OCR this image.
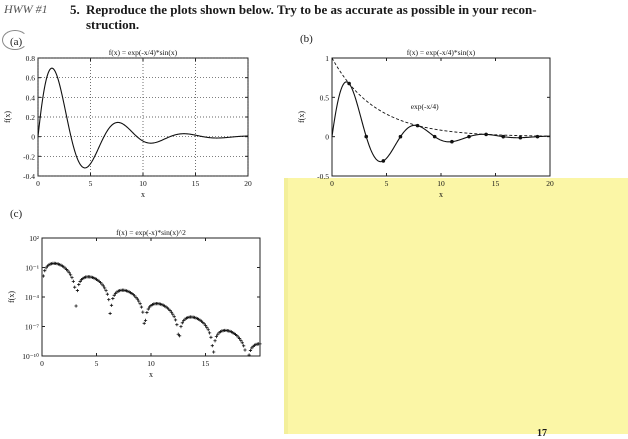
HWW #1 5. Reproduce the plots shown below. Try to be as accurate as possible in your recon-
struction.
(a)	(b)
(c)
0	5	10	15	20
0.8
0.6
0.4
0.2
0
-0.2
-0.4
f(x) = exp(-x/4)*sin(x)
x
f(x)
0	5	10	15	20
1
0.5
0
-0.5
f(x) = exp(-x/4)*sin(x)
x
f(x)
exp(-x/4)
0	5	10	15
10²
10⁻¹
10⁻⁴
10⁻⁷
10⁻¹⁰
f(x) = exp(-x)*sin(x)^2
x
f(x)
17
